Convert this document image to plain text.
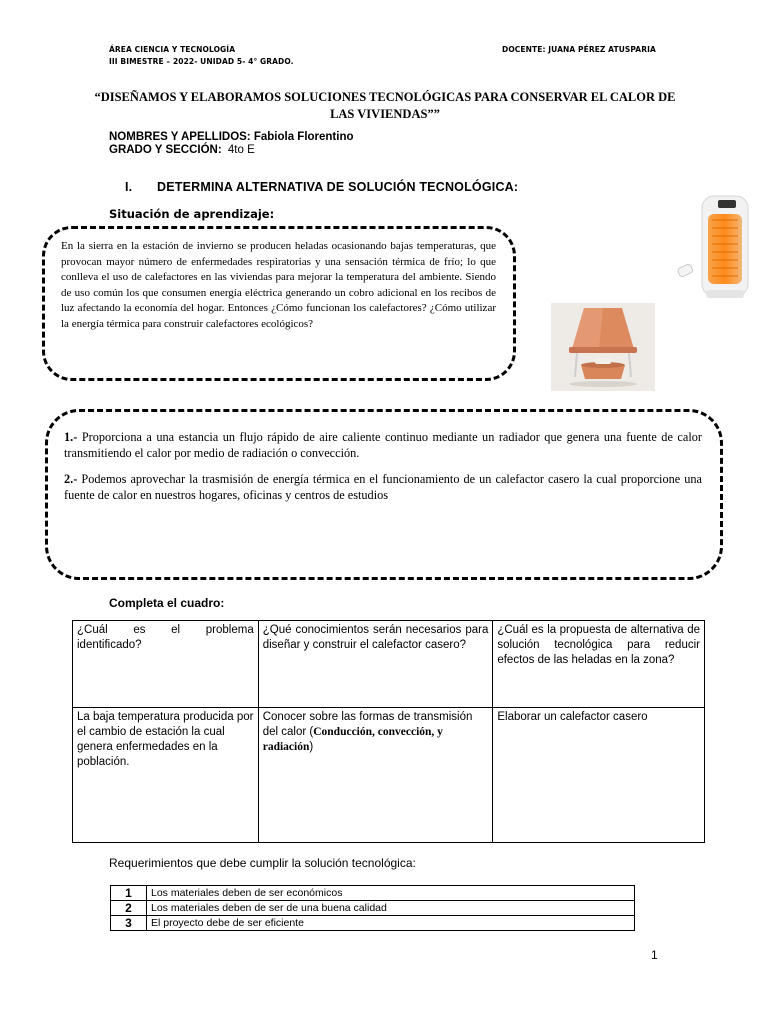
ÁREA CIENCIA Y TECNOLOGÍA
III BIMESTRE – 2022- UNIDAD 5- 4° GRADO.
DOCENTE: JUANA PÉREZ ATUSPARIA
“DISEÑAMOS Y ELABORAMOS SOLUCIONES TECNOLÓGICAS PARA CONSERVAR EL CALOR DE
LAS VIVIENDAS””
NOMBRES Y APELLIDOS: Fabiola Florentino
GRADO Y SECCIÓN: 4to E
I. DETERMINA ALTERNATIVA DE SOLUCIÓN TECNOLÓGICA:
Situación de aprendizaje:
En la sierra en la estación de invierno se producen heladas ocasionando bajas temperaturas, que provocan mayor número de enfermedades respiratorias y una sensación térmica de frío; lo que conlleva el uso de calefactores en las viviendas para mejorar la temperatura del ambiente. Siendo de uso común los que consumen energía eléctrica generando un cobro adicional en los recibos de luz afectando la economía del hogar. Entonces ¿Cómo funcionan los calefactores? ¿Cómo utilizar la energía térmica para construir calefactores ecológicos?
1.- Proporciona a una estancia un flujo rápido de aire caliente continuo mediante un radiador que genera una fuente de calor transmitiendo el calor por medio de radiación o convección.
2.- Podemos aprovechar la trasmisión de energía térmica en el funcionamiento de un calefactor casero la cual proporcione una fuente de calor en nuestros hogares, oficinas y centros de estudios
Completa el cuadro:
¿Cuál es el problema identificado?	¿Qué conocimientos serán necesarios para diseñar y construir el calefactor casero?	¿Cuál es la propuesta de alternativa de solución tecnológica para reducir efectos de las heladas en la zona?
La baja temperatura producida por el cambio de estación la cual genera enfermedades en la población.	Conocer sobre las formas de transmisión del calor (Conducción, convección, y radiación)	Elaborar un calefactor casero
Requerimientos que debe cumplir la solución tecnológica:
1	Los materiales deben de ser económicos
2	Los materiales deben de ser de una buena calidad
3	El proyecto debe de ser eficiente
1
